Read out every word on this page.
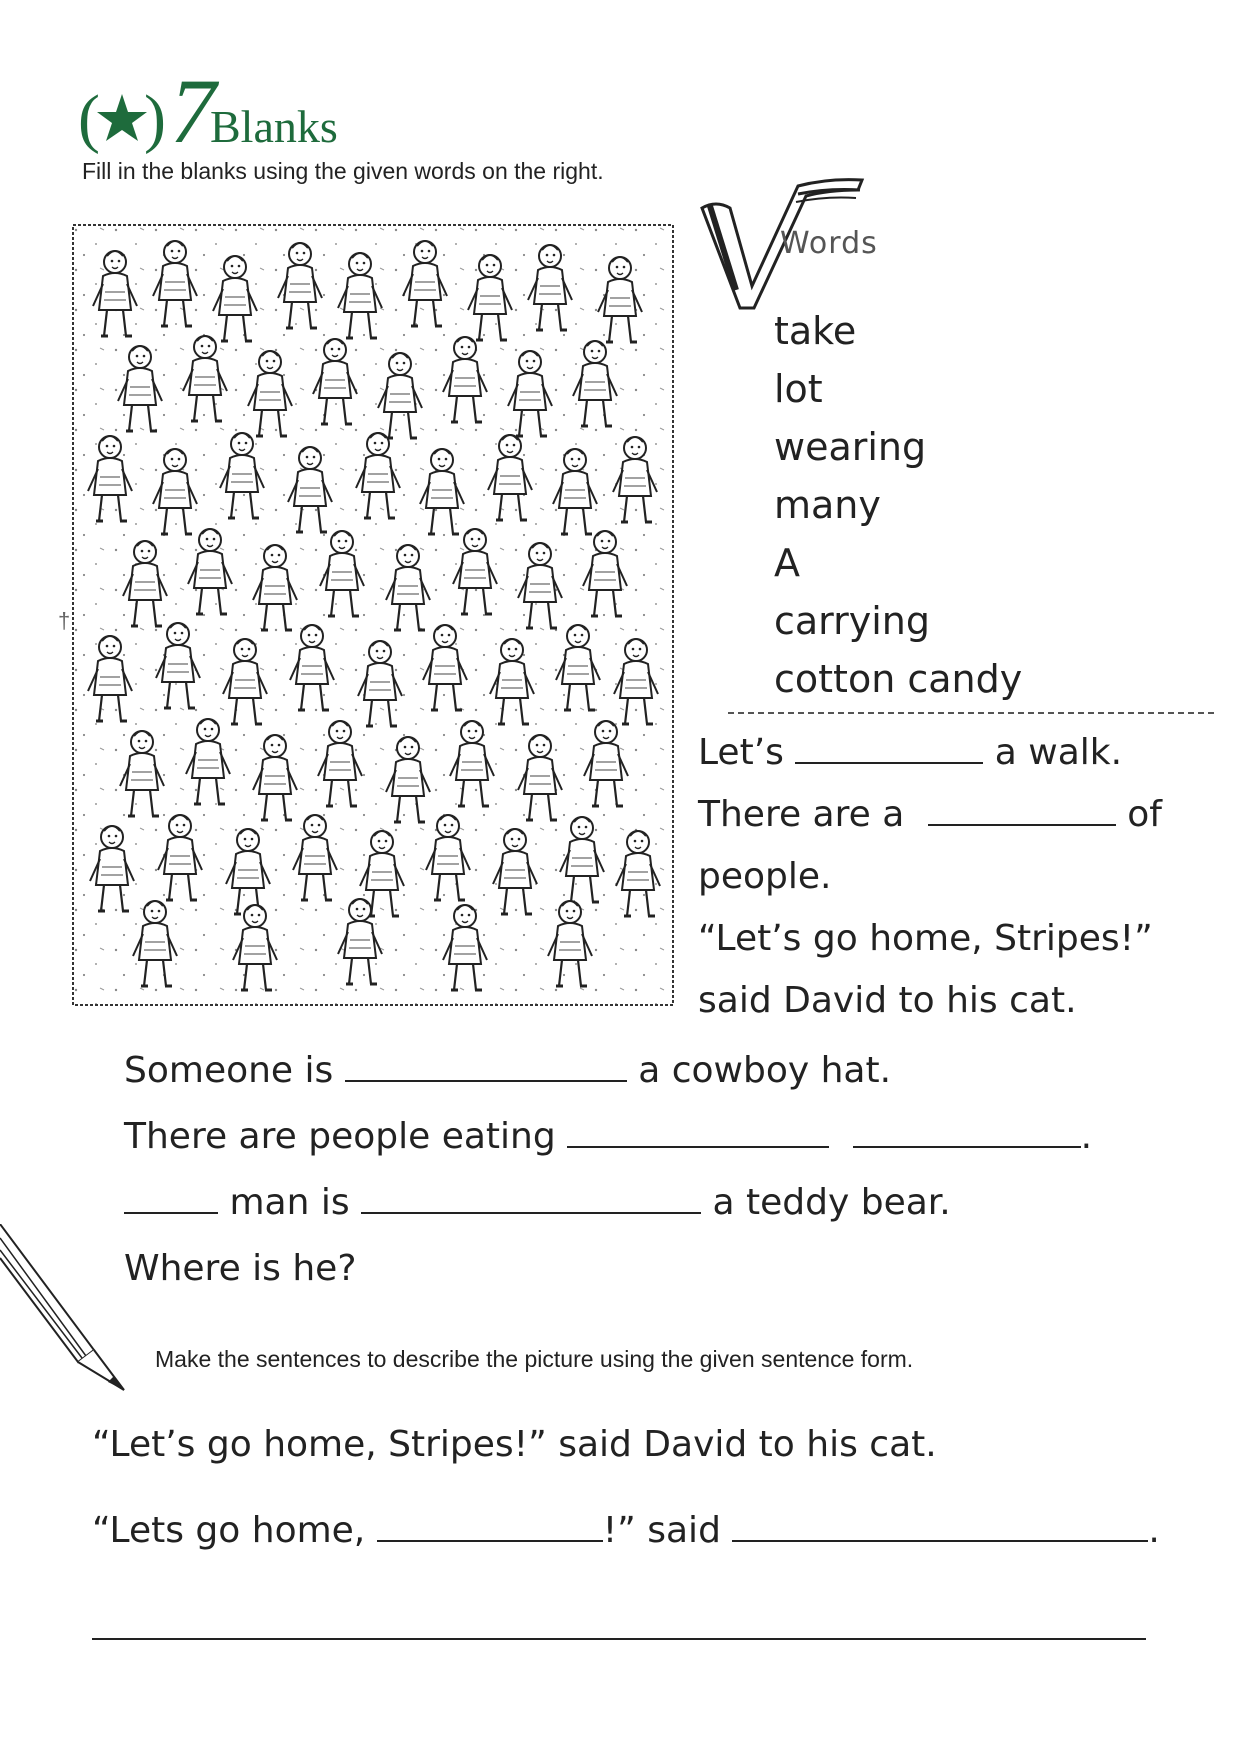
( ) 7
Blanks
Fill in the blanks using the given words on the right.
†
Words
take
lot
wearing
many
A
carrying
cotton candy
Let’s	a walk.
There are a	of
people.
“Let’s go home, Stripes!”
said David to his cat.
Someone is	a cowboy hat.
There are people eating	.
man is	a teddy bear.
Where is he?
Make the sentences to describe the picture using the given sentence form.
“Let’s go home, Stripes!” said David to his cat.
“Lets go home,	!” said	.
